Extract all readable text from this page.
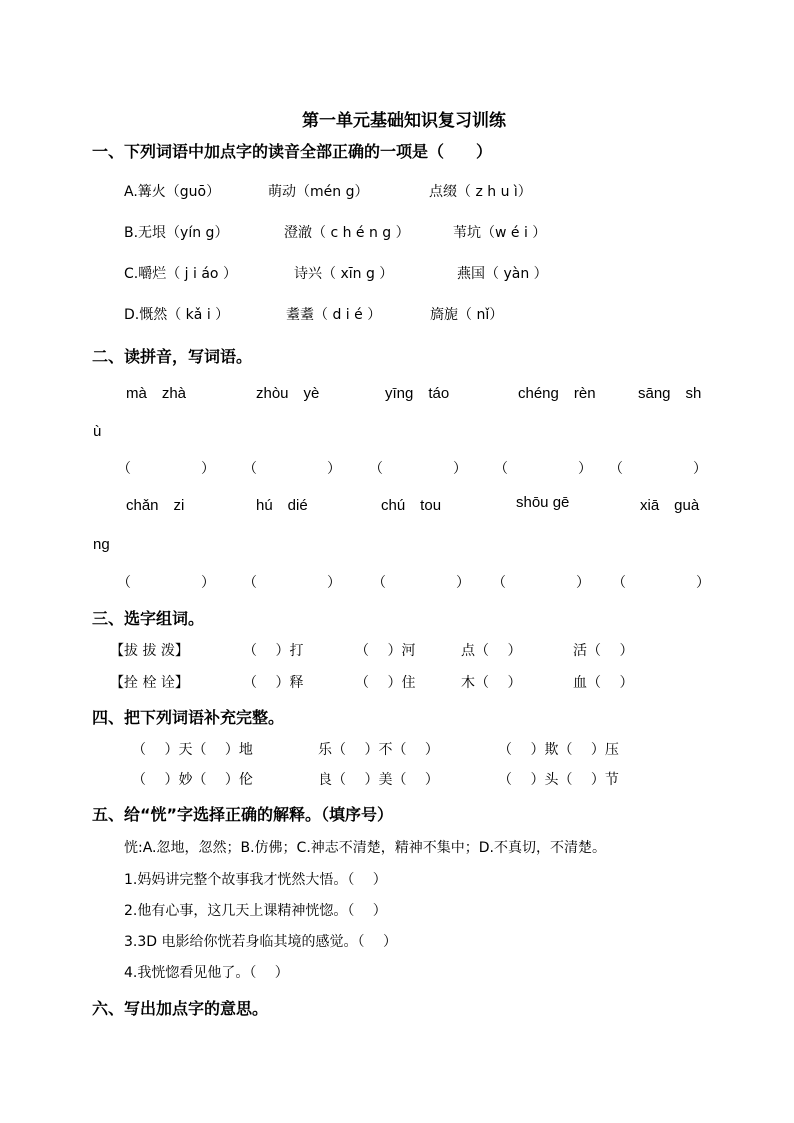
第一单元基础知识复习训练
一、下列词语中加点字的读音全部正确的一项是（　　）
A.篝火（guō）	萌动（mén g）	点缀（ z h u ì）
B.无垠（yín g）	澄澈（ c h é n g ）	苇坑（w é i ）
C.嚼烂（ j i áo ）	诗兴（ xīn g ）	燕国（ yàn ）
D.慨然（ kǎ i ）	耋耋（ d i é ）	旖旎（ nǐ）
二、读拼音，写词语。
mà　zhà	zhòu　yè	yīng　táo	chéng　rèn	sāng　sh
ù
（　　　　　） （　　　　　） （　　　　　） （　　　　　） （　　　　　）
chǎn　zi	hú　dié	chú　tou	shōu gē	xiā　guà
ng
（　　　　　） （　　　　　） （　　　　　） （　　　　　） （　　　　　）
三、选字组词。
【拔 拔 泼】	（　 ）打	（　 ）河	点（　 ）	活（　 ）
【拴 栓 诠】	（　 ）释	（　 ）住	木（　 ）	血（　 ）
四、把下列词语补充完整。
（　 ）天（　 ）地	乐（　 ）不（　 ）	（　 ）欺（　 ）压
（　 ）妙（　 ）伦	良（　 ）美（　 ）	（　 ）头（　 ）节
五、给“恍”字选择正确的解释。（填序号）
恍:A.忽地，忽然；B.仿佛；C.神志不清楚，精神不集中；D.不真切，不清楚。
1.妈妈讲完整个故事我才恍然大悟。（　 ）
2.他有心事，这几天上课精神恍惚。（　 ）
3.3D 电影给你恍若身临其境的感觉。（　 ）
4.我恍惚看见他了。（　 ）
六、写出加点字的意思。
